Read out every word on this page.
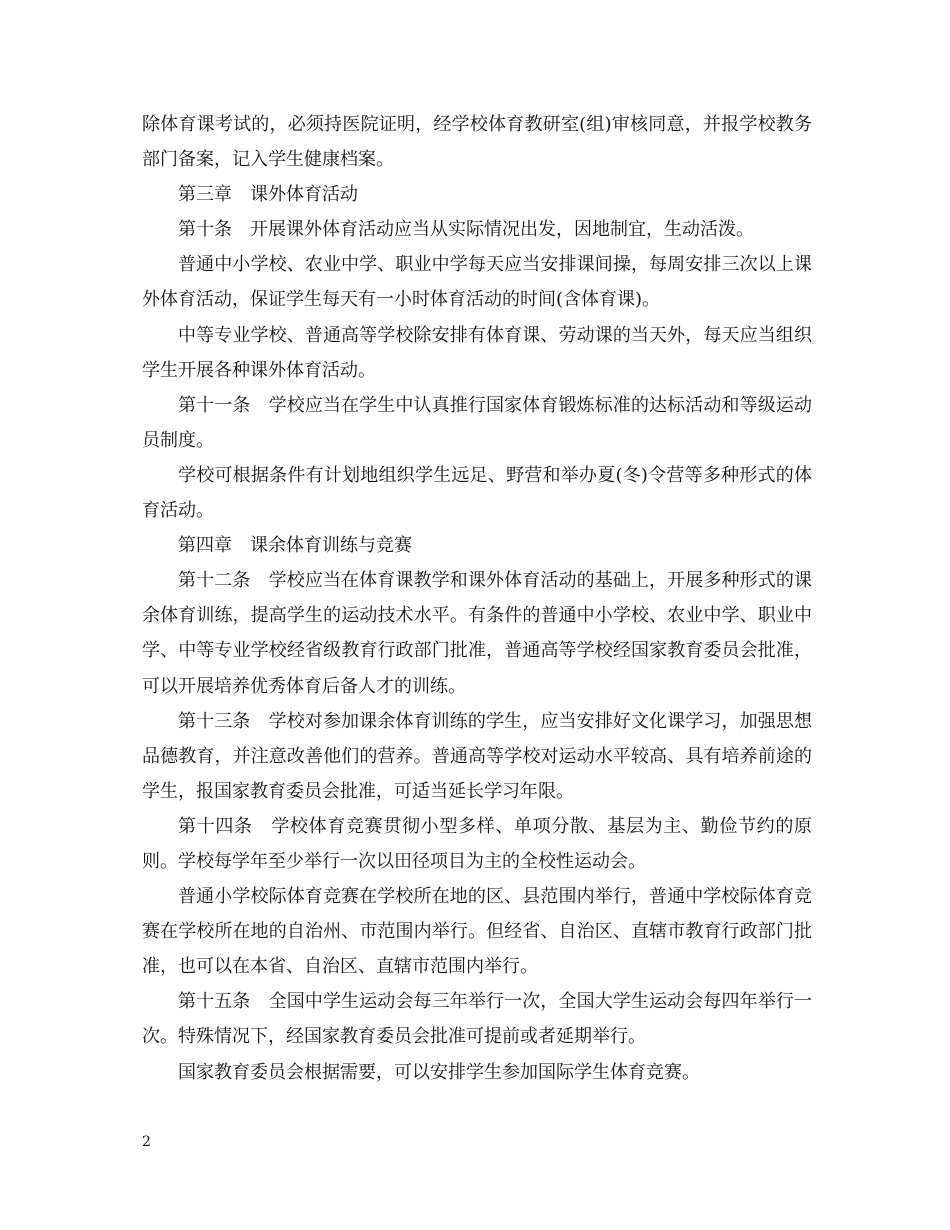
除体育课考试的，必须持医院证明，经学校体育教研室(组)审核同意，并报学校教务部门备案，记入学生健康档案。

第三章　课外体育活动

第十条　开展课外体育活动应当从实际情况出发，因地制宜，生动活泼。

普通中小学校、农业中学、职业中学每天应当安排课间操，每周安排三次以上课外体育活动，保证学生每天有一小时体育活动的时间(含体育课)。

中等专业学校、普通高等学校除安排有体育课、劳动课的当天外，每天应当组织学生开展各种课外体育活动。

第十一条　学校应当在学生中认真推行国家体育锻炼标准的达标活动和等级运动员制度。

学校可根据条件有计划地组织学生远足、野营和举办夏(冬)令营等多种形式的体育活动。

第四章　课余体育训练与竞赛

第十二条　学校应当在体育课教学和课外体育活动的基础上，开展多种形式的课余体育训练，提高学生的运动技术水平。有条件的普通中小学校、农业中学、职业中学、中等专业学校经省级教育行政部门批准，普通高等学校经国家教育委员会批准，可以开展培养优秀体育后备人才的训练。

第十三条　学校对参加课余体育训练的学生，应当安排好文化课学习，加强思想品德教育，并注意改善他们的营养。普通高等学校对运动水平较高、具有培养前途的学生，报国家教育委员会批准，可适当延长学习年限。

第十四条　学校体育竞赛贯彻小型多样、单项分散、基层为主、勤俭节约的原则。学校每学年至少举行一次以田径项目为主的全校性运动会。

普通小学校际体育竞赛在学校所在地的区、县范围内举行，普通中学校际体育竞赛在学校所在地的自治州、市范围内举行。但经省、自治区、直辖市教育行政部门批准，也可以在本省、自治区、直辖市范围内举行。

第十五条　全国中学生运动会每三年举行一次，全国大学生运动会每四年举行一次。特殊情况下，经国家教育委员会批准可提前或者延期举行。

国家教育委员会根据需要，可以安排学生参加国际学生体育竞赛。

2
